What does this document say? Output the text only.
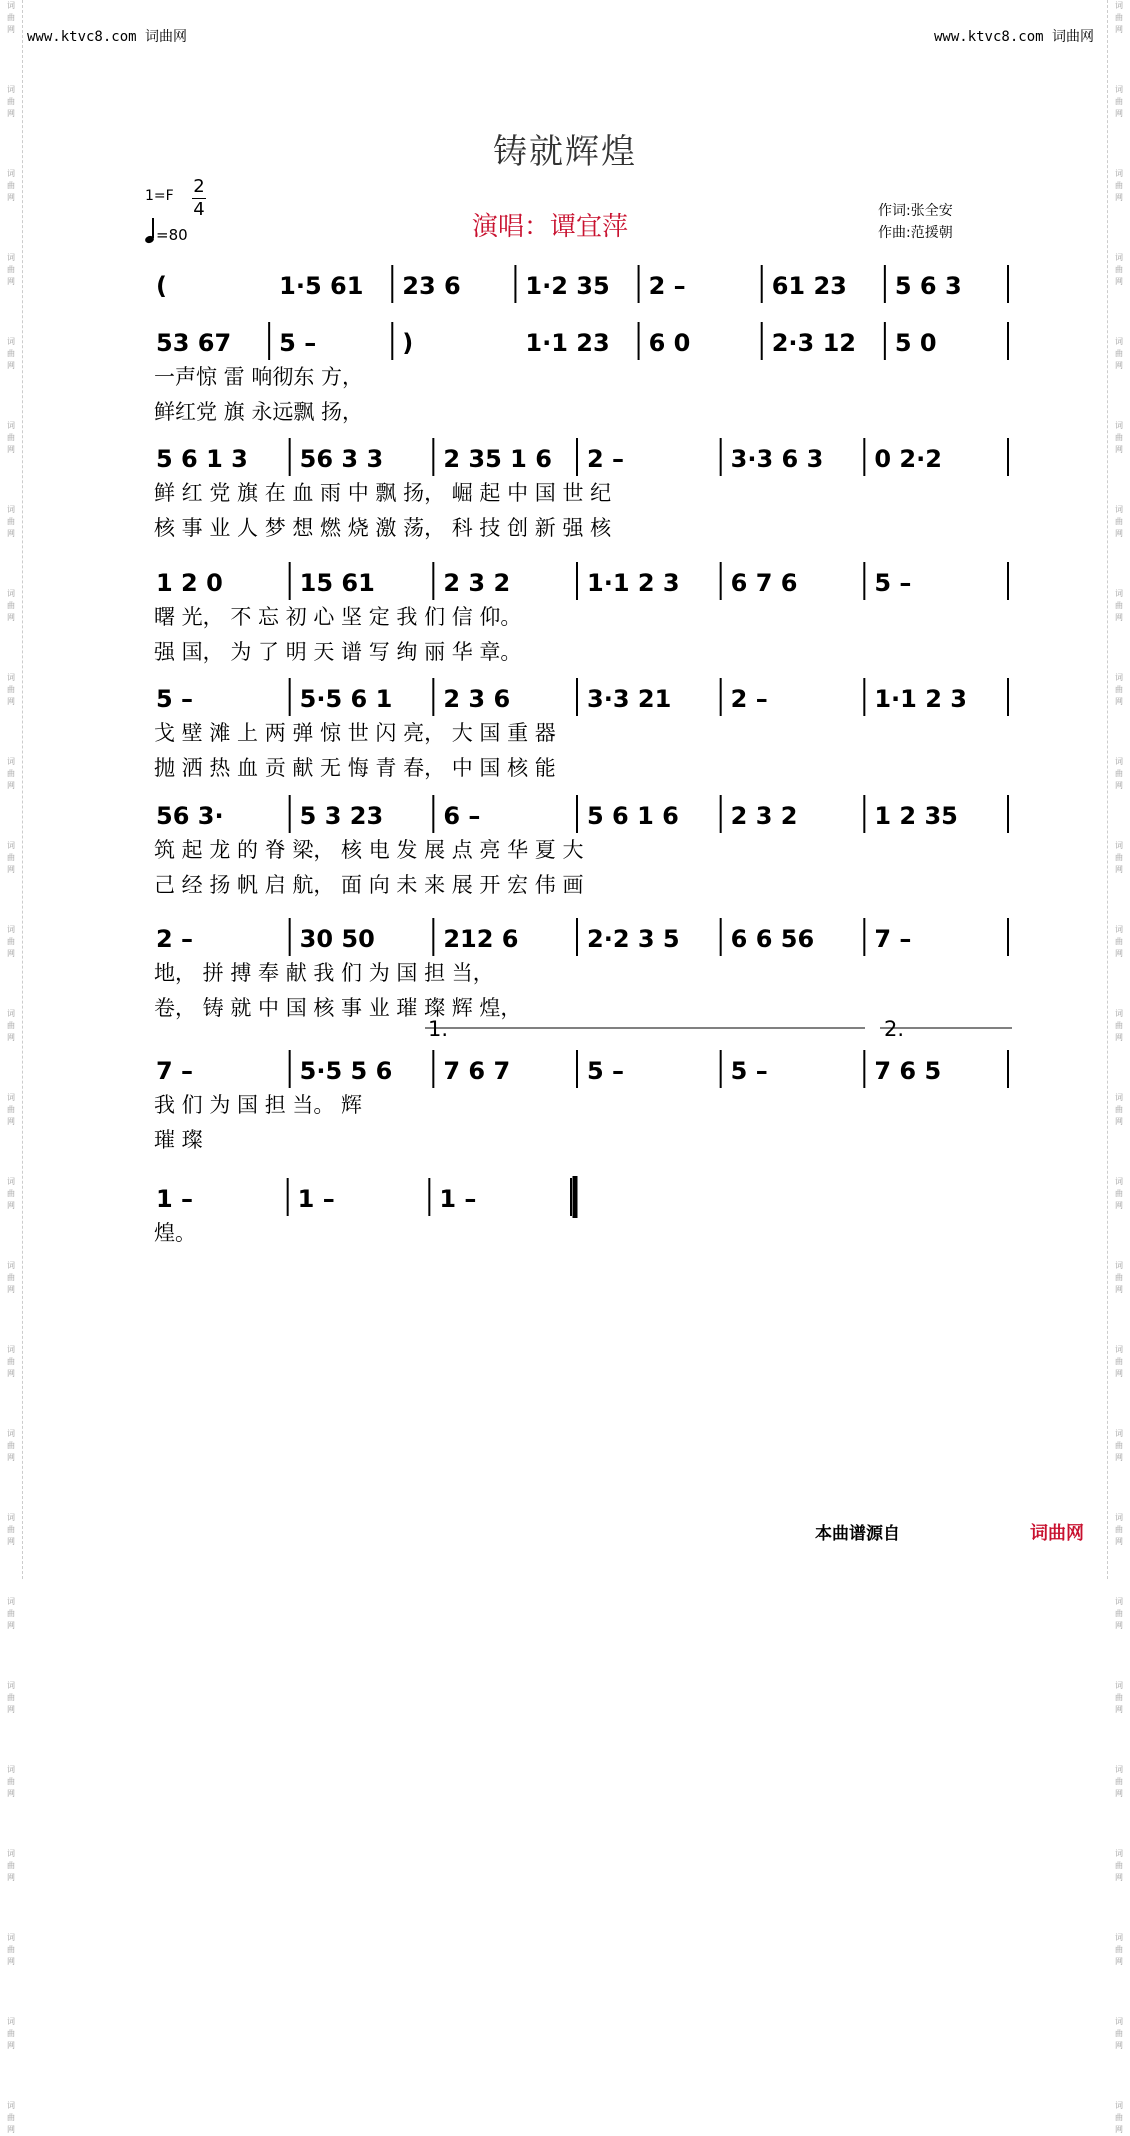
词
曲
网

词
曲
网

词
曲
网

词
曲
网

词
曲
网

词
曲
网

词
曲
网

词
曲
网

词
曲
网

词
曲
网

词
曲
网

词
曲
网

词
曲
网

词
曲
网

词
曲
网

词
曲
网

词
曲
网

词
曲
网

词
曲
网

词
曲
网

词
曲
网

词
曲
网

词
曲
网

词
曲
网

词
曲
网

词
曲
网

词
曲
网

词
曲
网

词
曲
网

词
曲
网

词
曲
网

词
曲
网

词
曲
网

词
曲
网

词
曲
网

词
曲
网

词
曲
网

词
曲
网

词
曲
网

词
曲
网

词
曲
网

词
曲
网

词
曲
网

词
曲
网

词
曲
网

词
曲
网

词
曲
网

词
曲
网

词
曲
网

词
曲
网

词
曲
网

词
曲
网

www.ktvc8.com 词曲网	www.ktvc8.com 词曲网
铸就辉煌
1=F 2
4
=80	演唱：谭宜萍
作词:张全安
作曲:范援朝
(	1·5 61 23 6	1·2 35 2 –	61 23 5 6 3
53 67 5 –	)	1·1 23 6 0	2·3 12 5 0
一声惊 雷 响彻东 方，
鲜红党 旗 永远飘 扬，
5 6 1 3 56 3 3	2 35 1 6 2 –	3·3 6 3 0 2·2
鲜 红 党 旗 在 血 雨 中 飘 扬， 崛 起 中 国 世 纪
核 事 业 人 梦 想 燃 烧 激 荡， 科 技 创 新 强 核
1 2 0	15 61	2 3 2	1·1 2 3 6 7 6	5 –
曙 光， 不 忘 初 心 坚 定 我 们 信 仰。
强 国， 为 了 明 天 谱 写 绚 丽 华 章。
5 –	5·5 6 1 2 3 6	3·3 21 2 –	1·1 2 3
戈 壁 滩 上 两 弹 惊 世 闪 亮， 大 国 重 器
抛 洒 热 血 贡 献 无 悔 青 春， 中 国 核 能
56 3·	5 3 23	6 –	5 6 1 6 2 3 2	1 2 35
筑 起 龙 的 脊 梁， 核 电 发 展 点 亮 华 夏 大
己 经 扬 帆 启 航， 面 向 未 来 展 开 宏 伟 画
2 –	30 50	212 6	2·2 3 5 6 6 56	7 –
地， 拼 搏 奉 献 我 们 为 国 担 当，
卷， 铸 就 中 国 核 事 业 璀 璨 辉 煌，
7 –	5·5 5 6 7 6 7	5 –	5 –	7 6 5
我 们 为 国 担 当。 辉
璀 璨
1.	2.
1 –	1 –	1 –
煌。
本曲谱源自	词曲网
